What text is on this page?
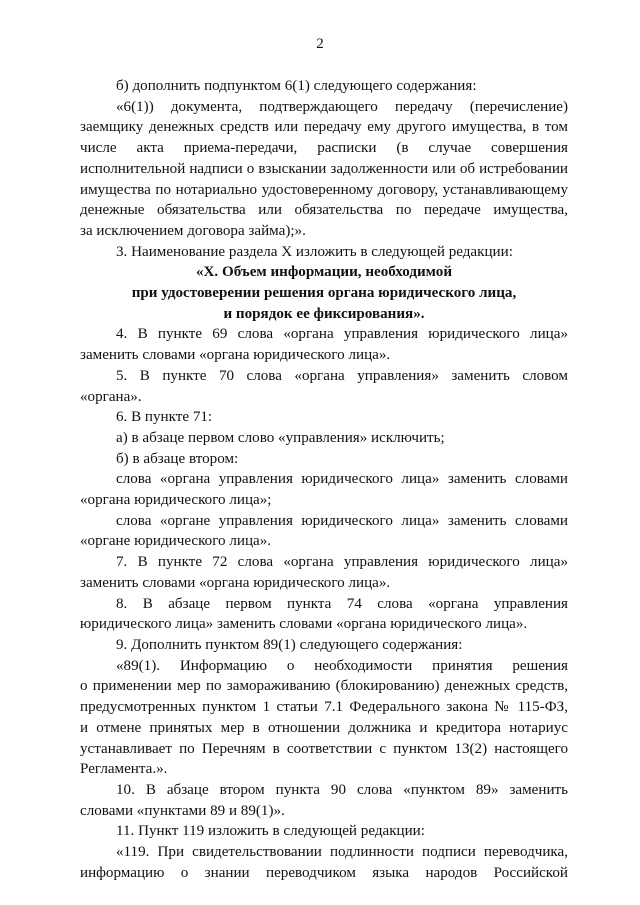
2

б) дополнить подпунктом 6(1) следующего содержания:

«6(1)) документа, подтверждающего передачу (перечисление)
заемщику денежных средств или передачу ему другого имущества, в том
числе акта приема-передачи, расписки (в случае совершения
исполнительной надписи о взыскании задолженности или об истребовании
имущества по нотариально удостоверенному договору, устанавливающему
денежные обязательства или обязательства по передаче имущества,
за исключением договора займа);».

3. Наименование раздела X изложить в следующей редакции:

«X. Объем информации, необходимой

при удостоверении решения органа юридического лица,

и порядок ее фиксирования».

4. В пункте 69 слова «органа управления юридического лица»
заменить словами «органа юридического лица».

5. В пункте 70 слова «органа управления» заменить словом
«органа».

6. В пункте 71:

а) в абзаце первом слово «управления» исключить;

б) в абзаце втором:

слова «органа управления юридического лица» заменить словами
«органа юридического лица»;

слова «органе управления юридического лица» заменить словами
«органе юридического лица».

7. В пункте 72 слова «органа управления юридического лица»
заменить словами «органа юридического лица».

8. В абзаце первом пункта 74 слова «органа управления
юридического лица» заменить словами «органа юридического лица».

9. Дополнить пунктом 89(1) следующего содержания:

«89(1). Информацию о необходимости принятия решения
о применении мер по замораживанию (блокированию) денежных средств,
предусмотренных пунктом 1 статьи 7.1 Федерального закона № 115-ФЗ,
и отмене принятых мер в отношении должника и кредитора нотариус
устанавливает по Перечням в соответствии с пунктом 13(2) настоящего
Регламента.».

10. В абзаце втором пункта 90 слова «пунктом 89» заменить
словами «пунктами 89 и 89(1)».

11. Пункт 119 изложить в следующей редакции:

«119. При свидетельствовании подлинности подписи переводчика,
информацию о знании переводчиком языка народов Российской
